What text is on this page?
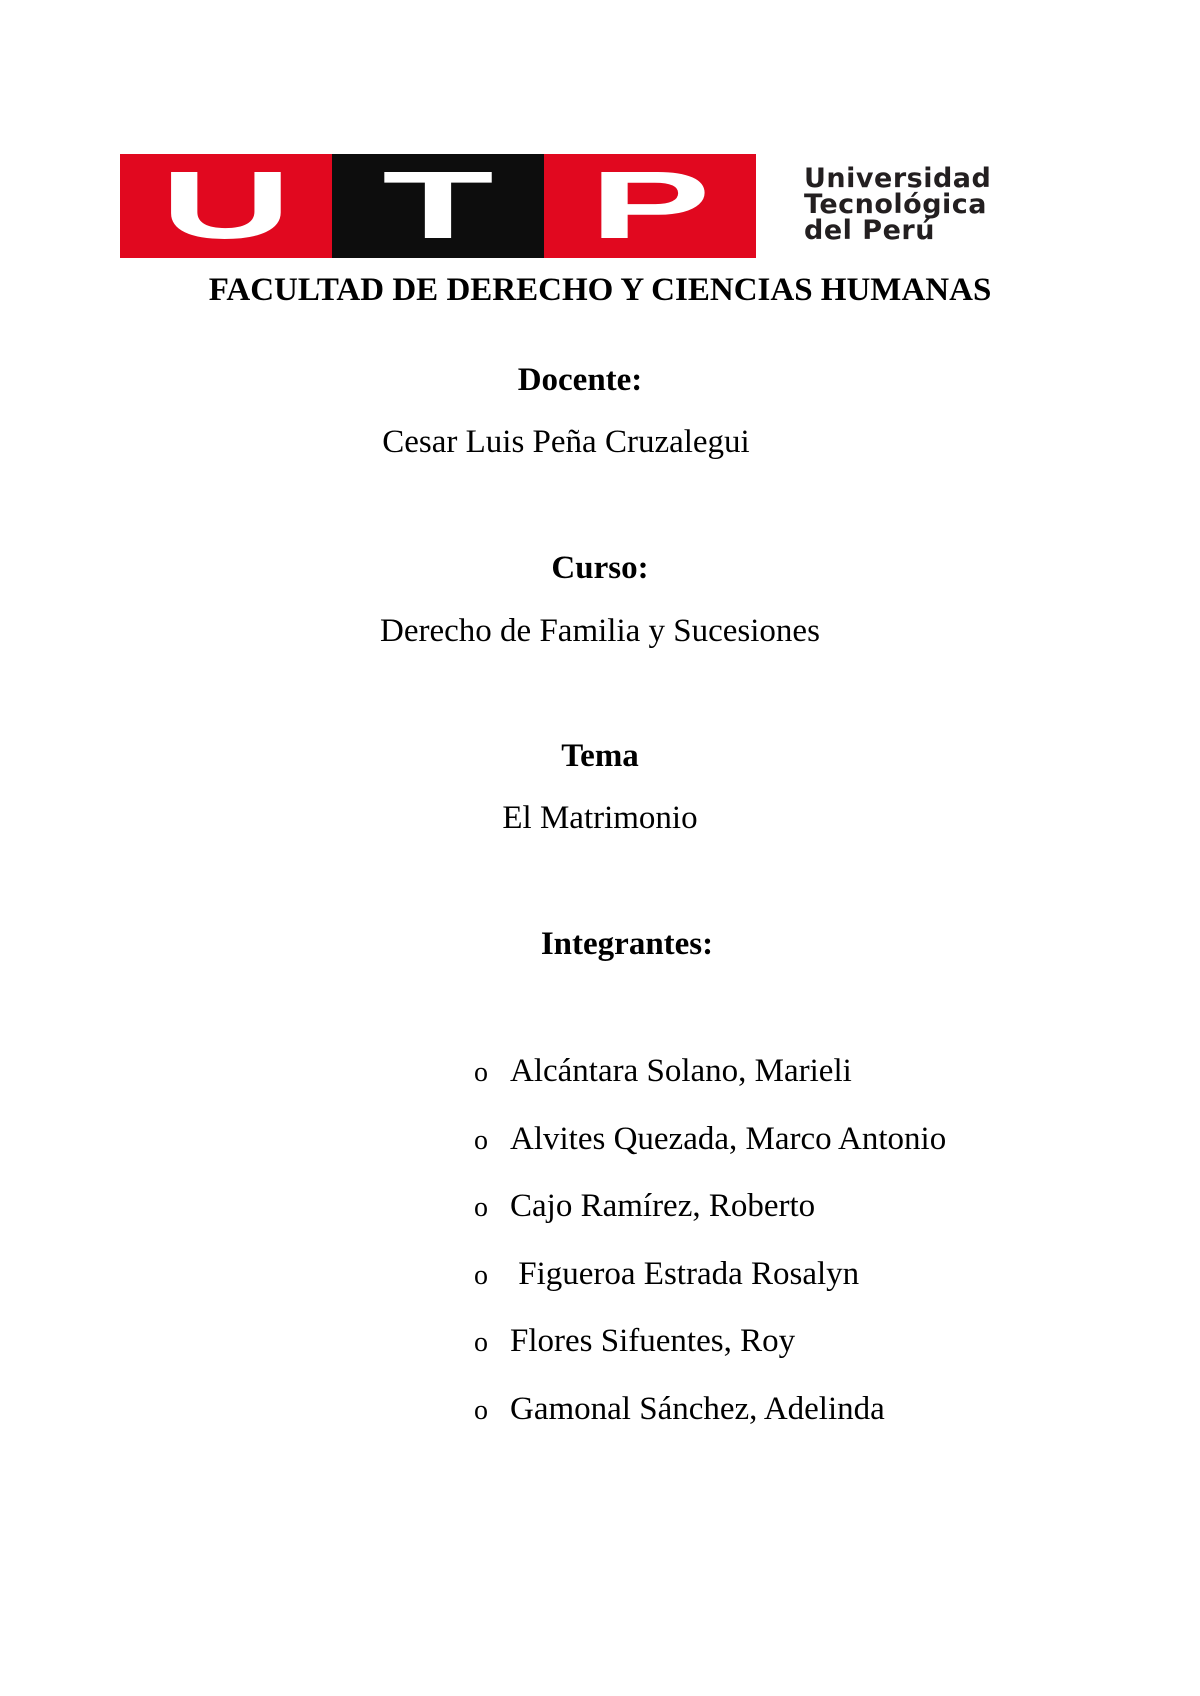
U T P	Universidad
Tecnológica
del Perú
FACULTAD DE DERECHO Y CIENCIAS HUMANAS
Docente:
Cesar Luis Peña Cruzalegui
Curso:
Derecho de Familia y Sucesiones
Tema
El Matrimonio
Integrantes:
o Alcántara Solano, Marieli
o Alvites Quezada, Marco Antonio
o Cajo Ramírez, Roberto
o Figueroa Estrada Rosalyn
o Flores Sifuentes, Roy
o Gamonal Sánchez, Adelinda
